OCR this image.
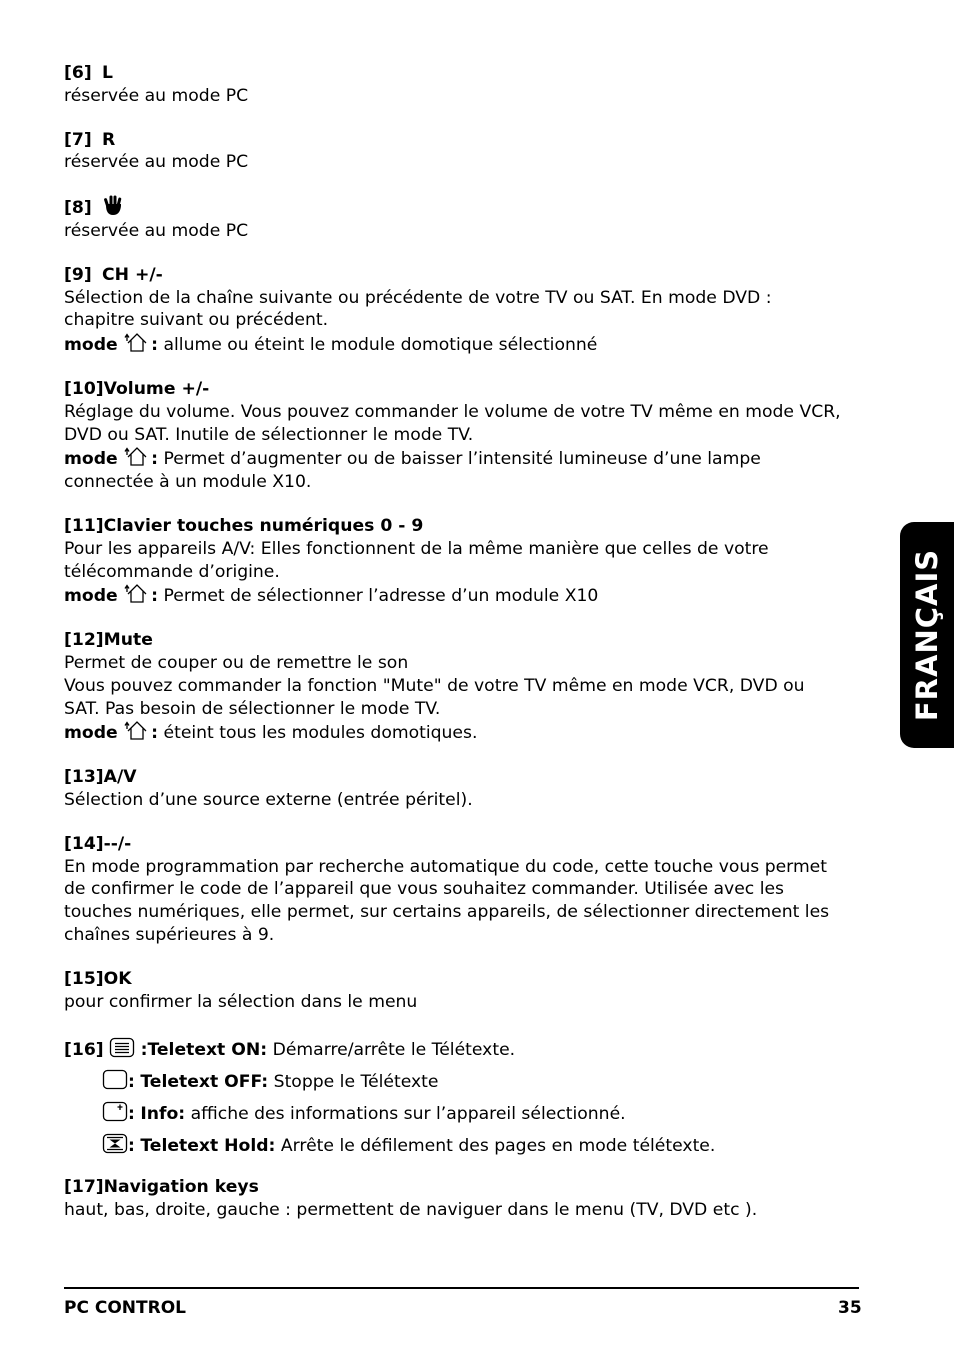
[6] L
réservée au mode PC
[7] R
réservée au mode PC
[8]
réservée au mode PC
[9] CH +/-
Sélection de la chaîne suivante ou précédente de votre TV ou SAT. En mode DVD :
chapitre suivant ou précédent.
mode : allume ou éteint le module domotique sélectionné
[10]Volume +/-
Réglage du volume. Vous pouvez commander le volume de votre TV même en mode VCR,
DVD ou SAT. Inutile de sélectionner le mode TV.
mode : Permet d’augmenter ou de baisser l’intensité lumineuse d’une lampe
connectée à un module X10.
[11]Clavier touches numériques 0 - 9
Pour les appareils A/V: Elles fonctionnent de la même manière que celles de votre
télécommande d’origine.
mode : Permet de sélectionner l’adresse d’un module X10
[12]Mute
Permet de couper ou de remettre le son
Vous pouvez commander la fonction "Mute" de votre TV même en mode VCR, DVD ou
SAT. Pas besoin de sélectionner le mode TV.
mode : éteint tous les modules domotiques.
[13]A/V
Sélection d’une source externe (entrée péritel).
[14]--/-
En mode programmation par recherche automatique du code, cette touche vous permet
de confirmer le code de l’appareil que vous souhaitez commander. Utilisée avec les
touches numériques, elle permet, sur certains appareils, de sélectionner directement les
chaînes supérieures à 9.
[15]OK
pour confirmer la sélection dans le menu
[16] :Teletext ON: Démarre/arrête le Télétexte.
: Teletext OFF: Stoppe le Télétexte
: Info: affiche des informations sur l’appareil sélectionné.
: Teletext Hold: Arrête le défilement des pages en mode télétexte.
[17]Navigation keys
haut, bas, droite, gauche : permettent de naviguer dans le menu (TV, DVD etc ).
FRANÇAIS
PC CONTROL	35
